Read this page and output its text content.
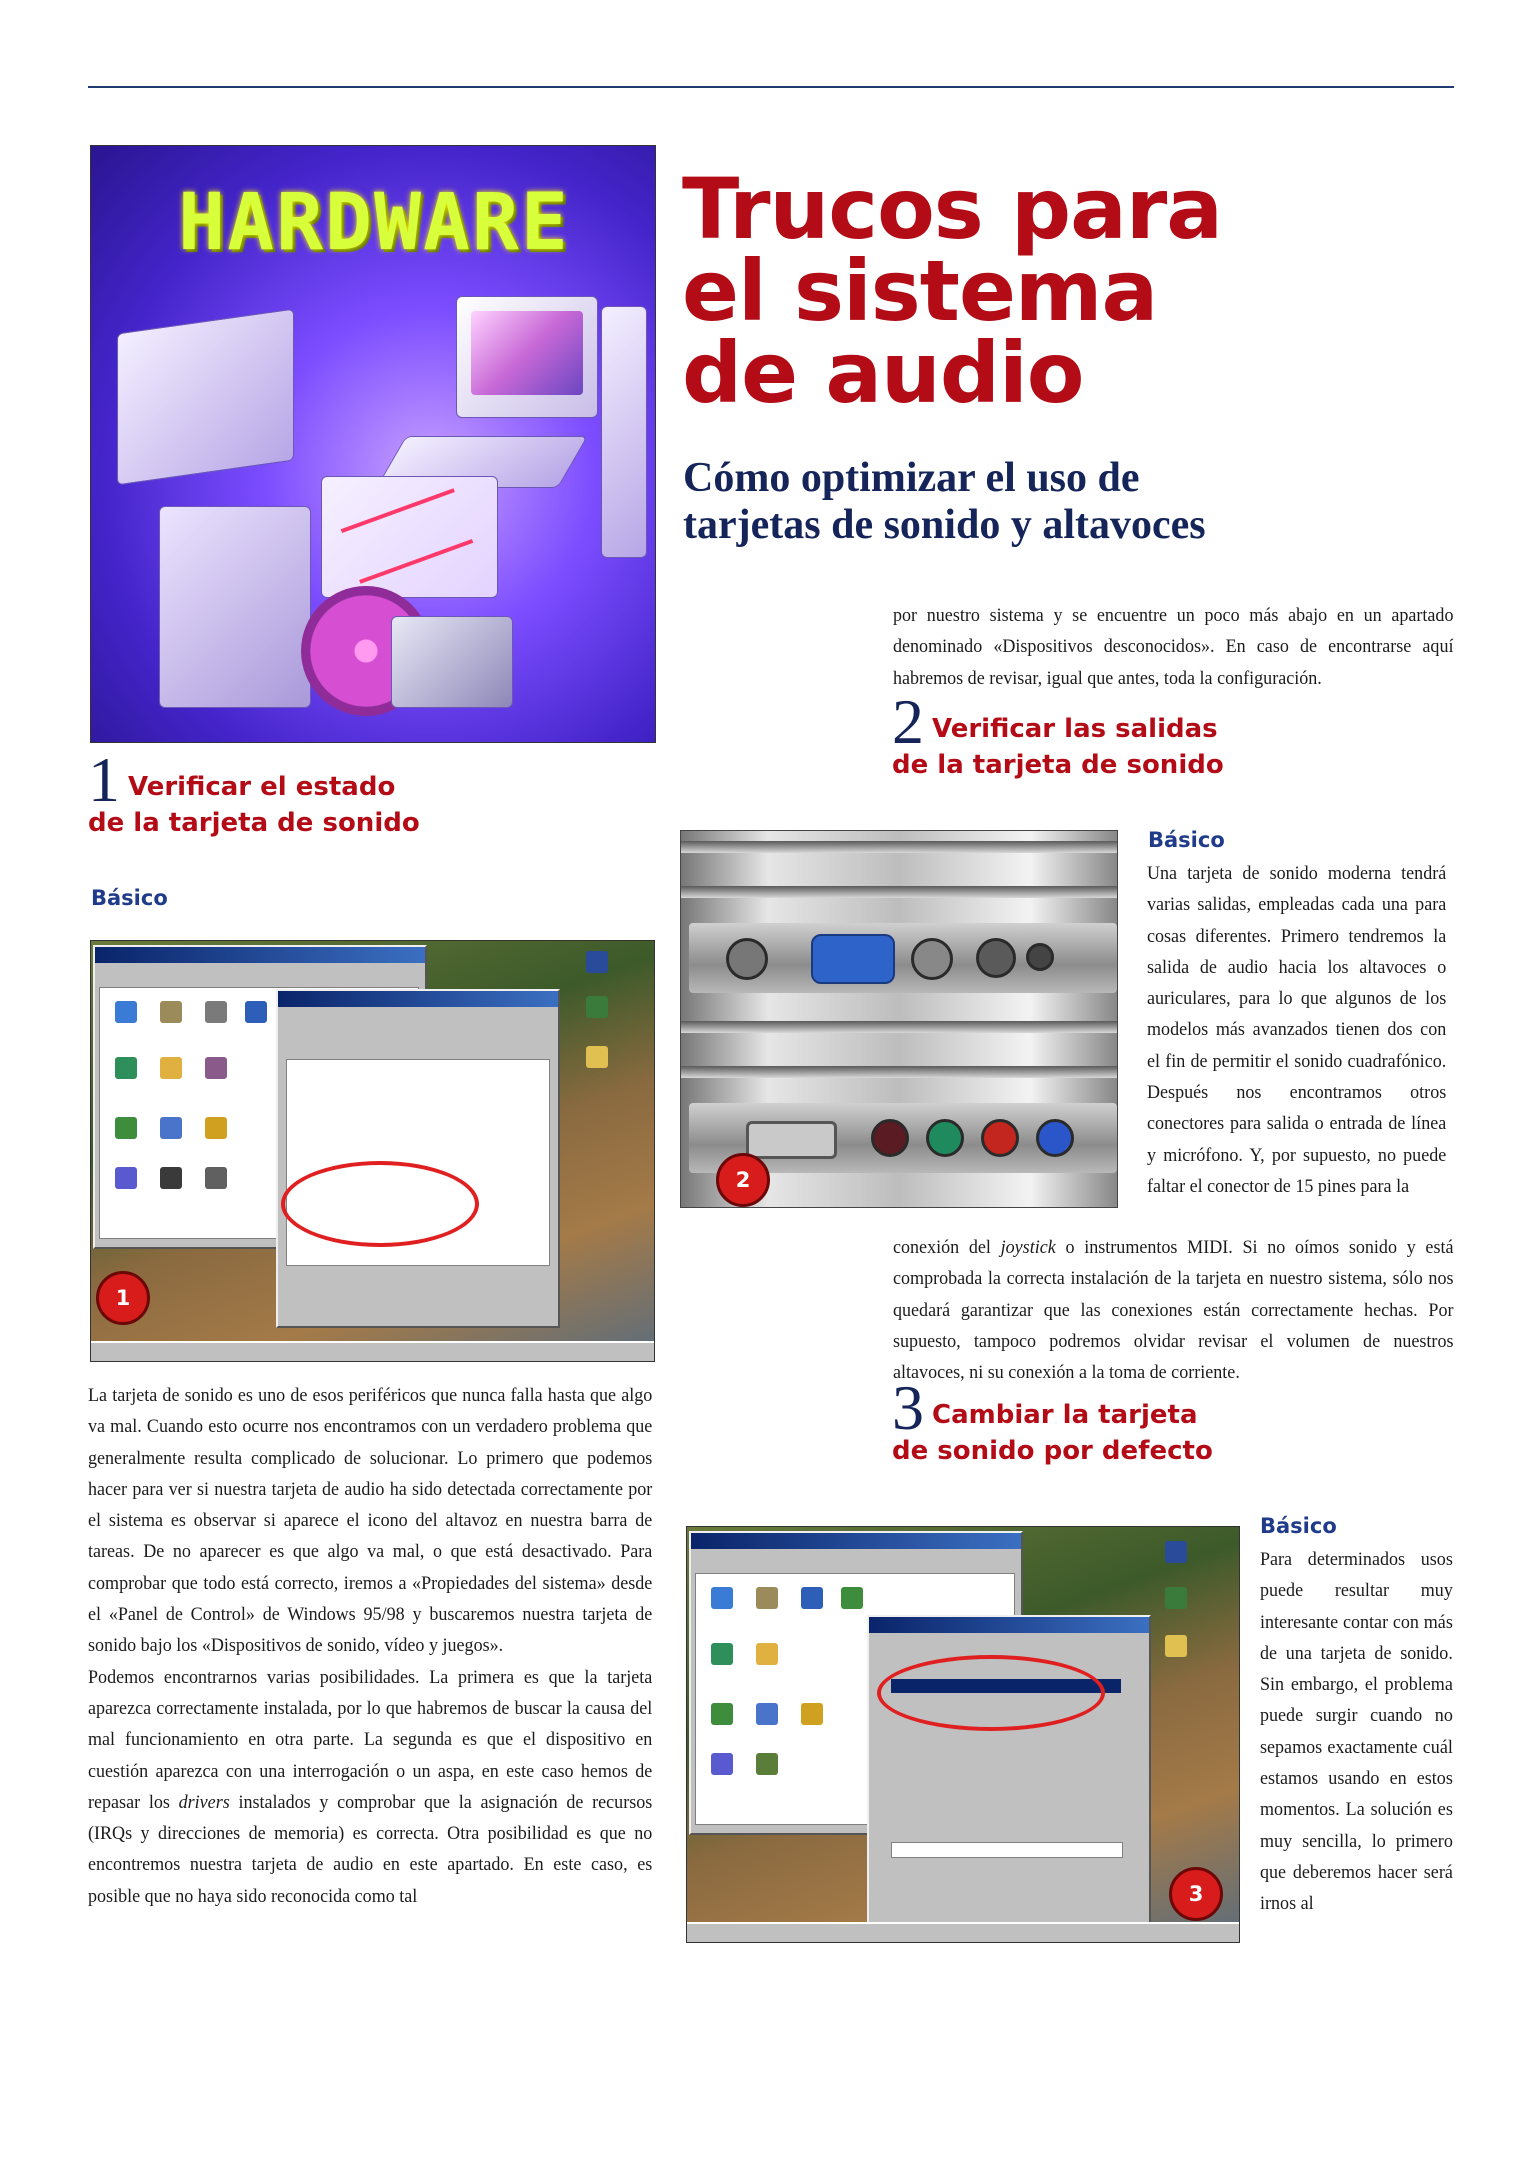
HARDWARE	Trucos para
el sistema
de audio
Cómo optimizar el uso de
tarjetas de sonido y altavoces
1 Verificar el estado
de la tarjeta de sonido
Básico
1

La tarjeta de sonido es uno de esos periféricos que nunca falla hasta que algo va mal. Cuando esto ocurre nos encontramos con un verdadero problema que generalmente resulta complicado de solucionar. Lo primero que podemos hacer para ver si nuestra tarjeta de audio ha sido detectada correctamente por el sistema es observar si aparece el icono del altavoz en nuestra barra de tareas. De no aparecer es que algo va mal, o que está desactivado. Para comprobar que todo está correcto, iremos a «Propiedades del sistema» desde el «Panel de Control» de Windows 95/98 y buscaremos nuestra tarjeta de sonido bajo los «Dispositivos de sonido, vídeo y juegos».

Podemos encontrarnos varias posibilidades. La primera es que la tarjeta aparezca correctamente instalada, por lo que habremos de buscar la causa del mal funcionamiento en otra parte. La segunda es que el dispositivo en cuestión aparezca con una interrogación o un aspa, en este caso hemos de repasar los drivers instalados y comprobar que la asignación de recursos (IRQs y direcciones de memoria) es correcta. Otra posibilidad es que no encontremos nuestra tarjeta de audio en este apartado. En este caso, es posible que no haya sido reconocida como tal

por nuestro sistema y se encuentre un poco más abajo en un apartado denominado «Dispositivos desconocidos». En caso de encontrarse aquí habremos de revisar, igual que antes, toda la configuración.

2 Verificar las salidas
de la tarjeta de sonido
2
Básico

Una tarjeta de sonido moderna tendrá varias salidas, empleadas cada una para cosas diferentes. Primero tendremos la salida de audio hacia los altavoces o auriculares, para lo que algunos de los modelos más avanzados tienen dos con el fin de permitir el sonido cuadrafónico. Después nos encontramos otros conectores para salida o entrada de línea y micrófono. Y, por supuesto, no puede faltar el conector de 15 pines para la

conexión del joystick o instrumentos MIDI. Si no oímos sonido y está comprobada la correcta instalación de la tarjeta en nuestro sistema, sólo nos quedará garantizar que las conexiones están correctamente hechas. Por supuesto, tampoco podremos olvidar revisar el volumen de nuestros altavoces, ni su conexión a la toma de corriente.

3 Cambiar la tarjeta
de sonido por defecto
3
Básico

Para determinados usos puede resultar muy interesante contar con más de una tarjeta de sonido. Sin embargo, el problema puede surgir cuando no sepamos exactamente cuál estamos usando en estos momentos. La solución es muy sencilla, lo primero que deberemos hacer será irnos al
